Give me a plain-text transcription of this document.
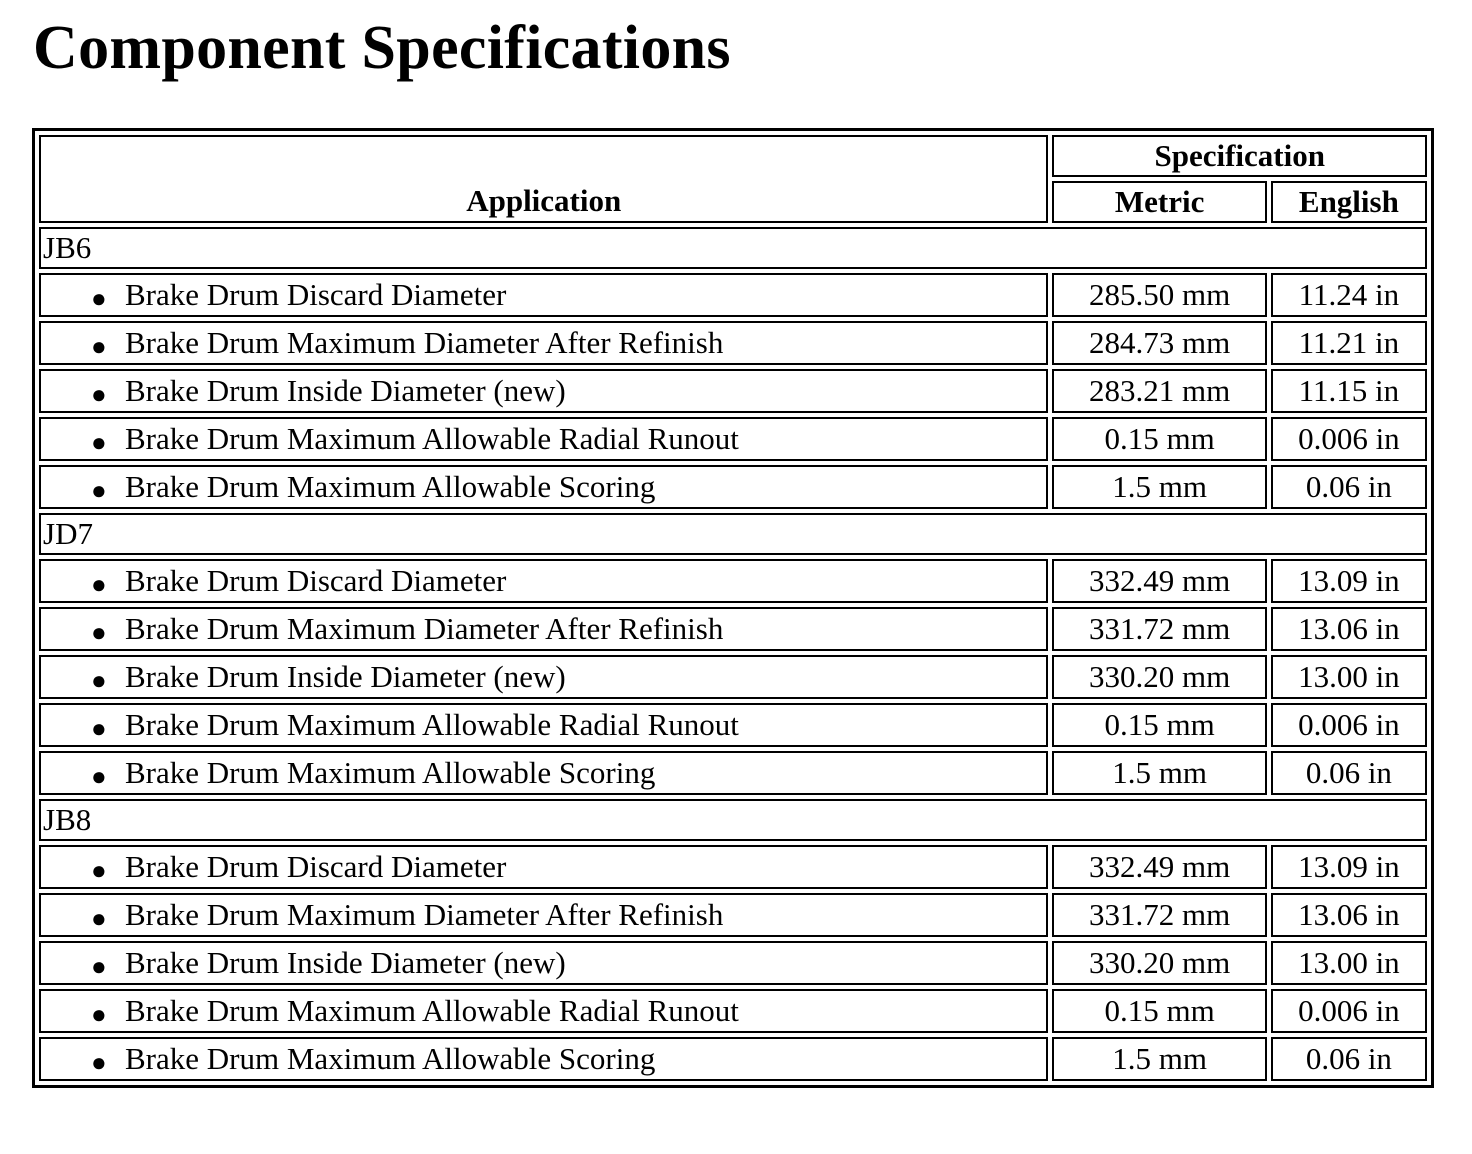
Component Specifications
Application	Specification	
	Metric	English
JB6		
● Brake Drum Discard Diameter	285.50 mm	11.24 in
● Brake Drum Maximum Diameter After Refinish	284.73 mm	11.21 in
● Brake Drum Inside Diameter (new)	283.21 mm	11.15 in
● Brake Drum Maximum Allowable Radial Runout	0.15 mm	0.006 in
● Brake Drum Maximum Allowable Scoring	1.5 mm	0.06 in
JD7		
● Brake Drum Discard Diameter	332.49 mm	13.09 in
● Brake Drum Maximum Diameter After Refinish	331.72 mm	13.06 in
● Brake Drum Inside Diameter (new)	330.20 mm	13.00 in
● Brake Drum Maximum Allowable Radial Runout	0.15 mm	0.006 in
● Brake Drum Maximum Allowable Scoring	1.5 mm	0.06 in
JB8		
● Brake Drum Discard Diameter	332.49 mm	13.09 in
● Brake Drum Maximum Diameter After Refinish	331.72 mm	13.06 in
● Brake Drum Inside Diameter (new)	330.20 mm	13.00 in
● Brake Drum Maximum Allowable Radial Runout	0.15 mm	0.006 in
● Brake Drum Maximum Allowable Scoring	1.5 mm	0.06 in
